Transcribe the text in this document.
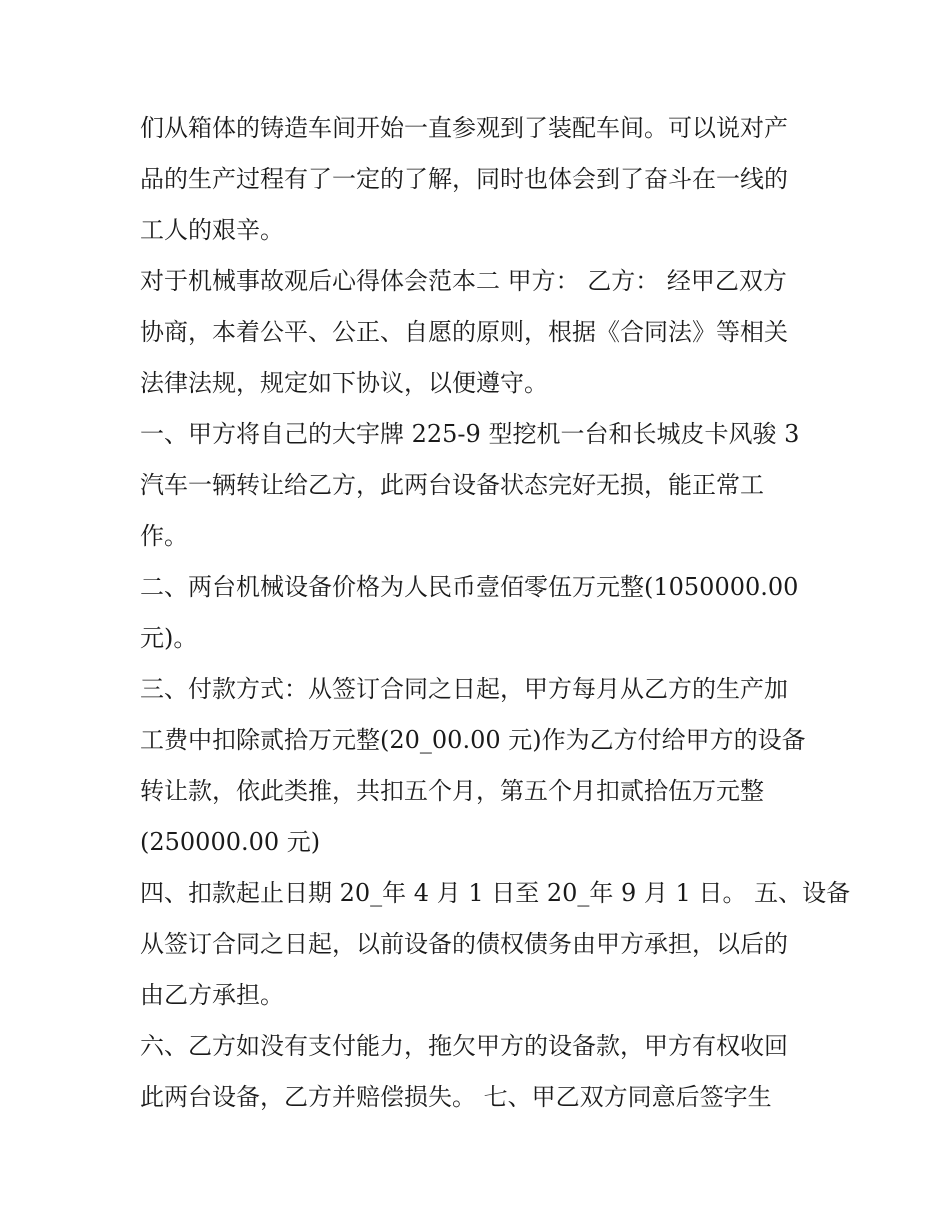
们从箱体的铸造车间开始一直参观到了装配车间。可以说对产
品的生产过程有了一定的了解，同时也体会到了奋斗在一线的
工人的艰辛。
对于机械事故观后心得体会范本二 甲方： 乙方： 经甲乙双方
协商，本着公平、公正、自愿的原则，根据《合同法》等相关
法律法规，规定如下协议，以便遵守。
一、甲方将自己的大宇牌 225-9 型挖机一台和长城皮卡风骏 3
汽车一辆转让给乙方，此两台设备状态完好无损，能正常工
作。
二、两台机械设备价格为人民币壹佰零伍万元整(1050000.00
元)。
三、付款方式：从签订合同之日起，甲方每月从乙方的生产加
工费中扣除贰拾万元整(20_00.00 元)作为乙方付给甲方的设备
转让款，依此类推，共扣五个月，第五个月扣贰拾伍万元整
(250000.00 元)
四、扣款起止日期 20_年 4 月 1 日至 20_年 9 月 1 日。 五、设备
从签订合同之日起，以前设备的债权债务由甲方承担，以后的
由乙方承担。
六、乙方如没有支付能力，拖欠甲方的设备款，甲方有权收回
此两台设备，乙方并赔偿损失。 七、甲乙双方同意后签字生
